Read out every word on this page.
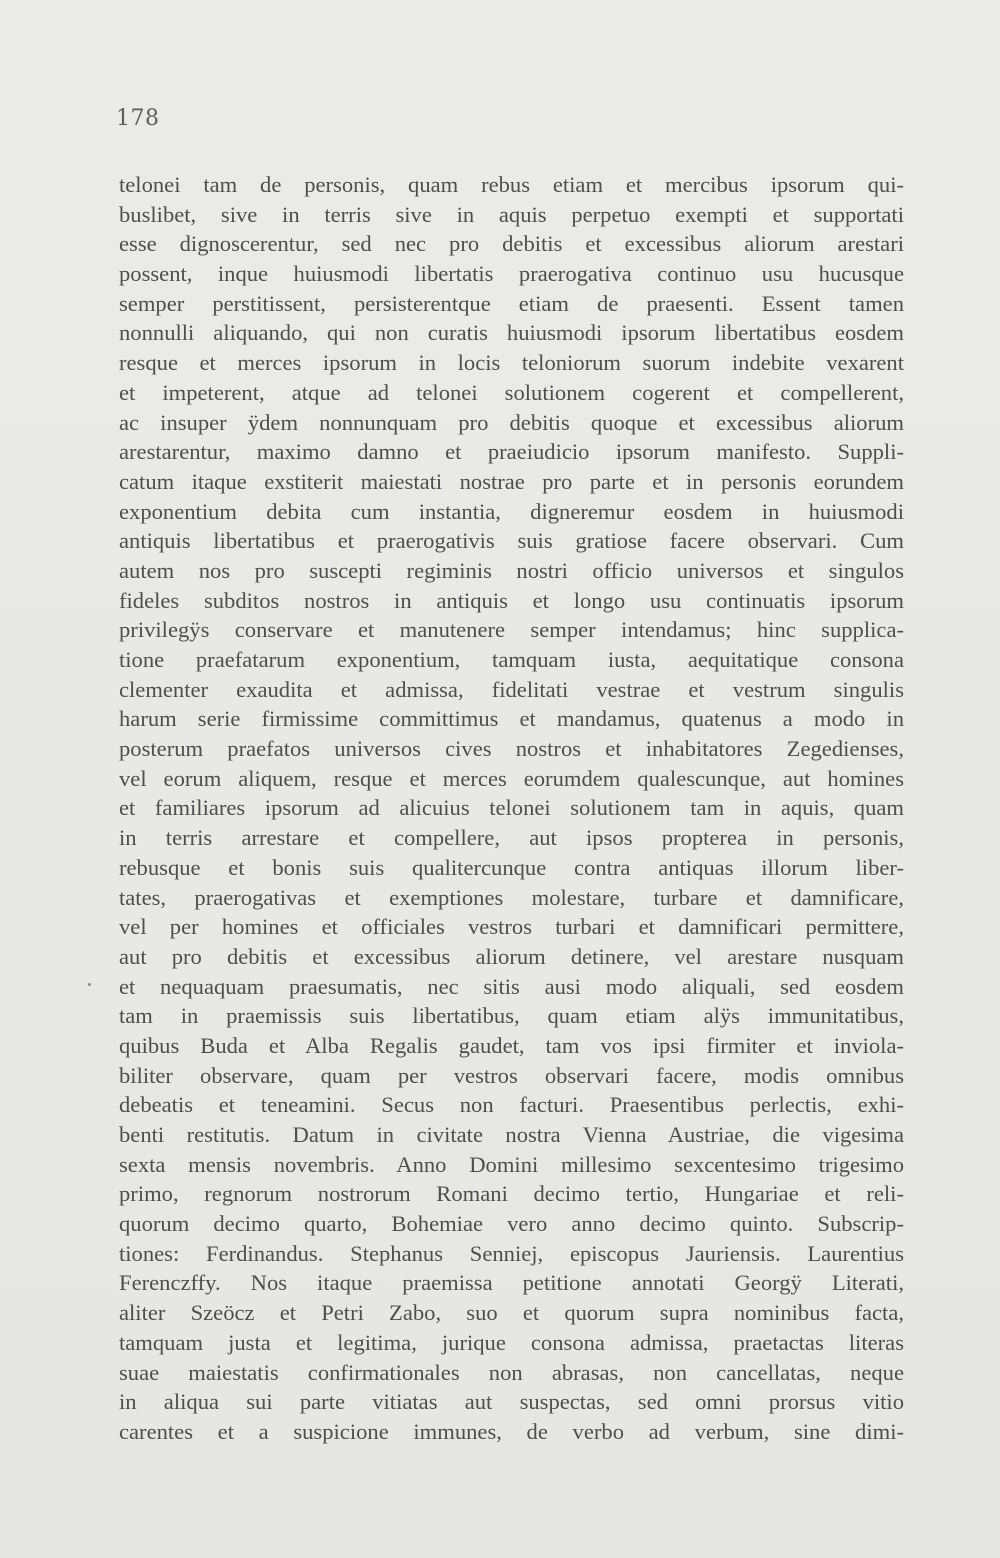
178
telonei tam de personis, quam rebus etiam et mercibus ipsorum qui-
buslibet, sive in terris sive in aquis perpetuo exempti et supportati
esse dignoscerentur, sed nec pro debitis et excessibus aliorum arestari
possent, inque huiusmodi libertatis praerogativa continuo usu hucusque
semper perstitissent, persisterentque etiam de praesenti. Essent tamen
nonnulli aliquando, qui non curatis huiusmodi ipsorum libertatibus eosdem
resque et merces ipsorum in locis teloniorum suorum indebite vexarent
et impeterent, atque ad telonei solutionem cogerent et compellerent,
ac insuper ÿdem nonnunquam pro debitis quoque et excessibus aliorum
arestarentur, maximo damno et praeiudicio ipsorum manifesto. Suppli-
catum itaque exstiterit maiestati nostrae pro parte et in personis eorundem
exponentium debita cum instantia, digneremur eosdem in huiusmodi
antiquis libertatibus et praerogativis suis gratiose facere observari. Cum
autem nos pro suscepti regiminis nostri officio universos et singulos
fideles subditos nostros in antiquis et longo usu continuatis ipsorum
privilegÿs conservare et manutenere semper intendamus; hinc supplica-
tione praefatarum exponentium, tamquam iusta, aequitatique consona
clementer exaudita et admissa, fidelitati vestrae et vestrum singulis
harum serie firmissime committimus et mandamus, quatenus a modo in
posterum praefatos universos cives nostros et inhabitatores Zegedienses,
vel eorum aliquem, resque et merces eorumdem qualescunque, aut homines
et familiares ipsorum ad alicuius telonei solutionem tam in aquis, quam
in terris arrestare et compellere, aut ipsos propterea in personis,
rebusque et bonis suis qualitercunque contra antiquas illorum liber-
tates, praerogativas et exemptiones molestare, turbare et damnificare,
vel per homines et officiales vestros turbari et damnificari permittere,
aut pro debitis et excessibus aliorum detinere, vel arestare nusquam
et nequaquam praesumatis, nec sitis ausi modo aliquali, sed eosdem
tam in praemissis suis libertatibus, quam etiam alÿs immunitatibus,
quibus Buda et Alba Regalis gaudet, tam vos ipsi firmiter et inviola-
biliter observare, quam per vestros observari facere, modis omnibus
debeatis et teneamini. Secus non facturi. Praesentibus perlectis, exhi-
benti restitutis. Datum in civitate nostra Vienna Austriae, die vigesima
sexta mensis novembris. Anno Domini millesimo sexcentesimo trigesimo
primo, regnorum nostrorum Romani decimo tertio, Hungariae et reli-
quorum decimo quarto, Bohemiae vero anno decimo quinto. Subscrip-
tiones: Ferdinandus. Stephanus Senniej, episcopus Jauriensis. Laurentius
Ferenczffy. Nos itaque praemissa petitione annotati Georgÿ Literati,
aliter Szeöcz et Petri Zabo, suo et quorum supra nominibus facta,
tamquam justa et legitima, jurique consona admissa, praetactas literas
suae maiestatis confirmationales non abrasas, non cancellatas, neque
in aliqua sui parte vitiatas aut suspectas, sed omni prorsus vitio
carentes et a suspicione immunes, de verbo ad verbum, sine dimi-
